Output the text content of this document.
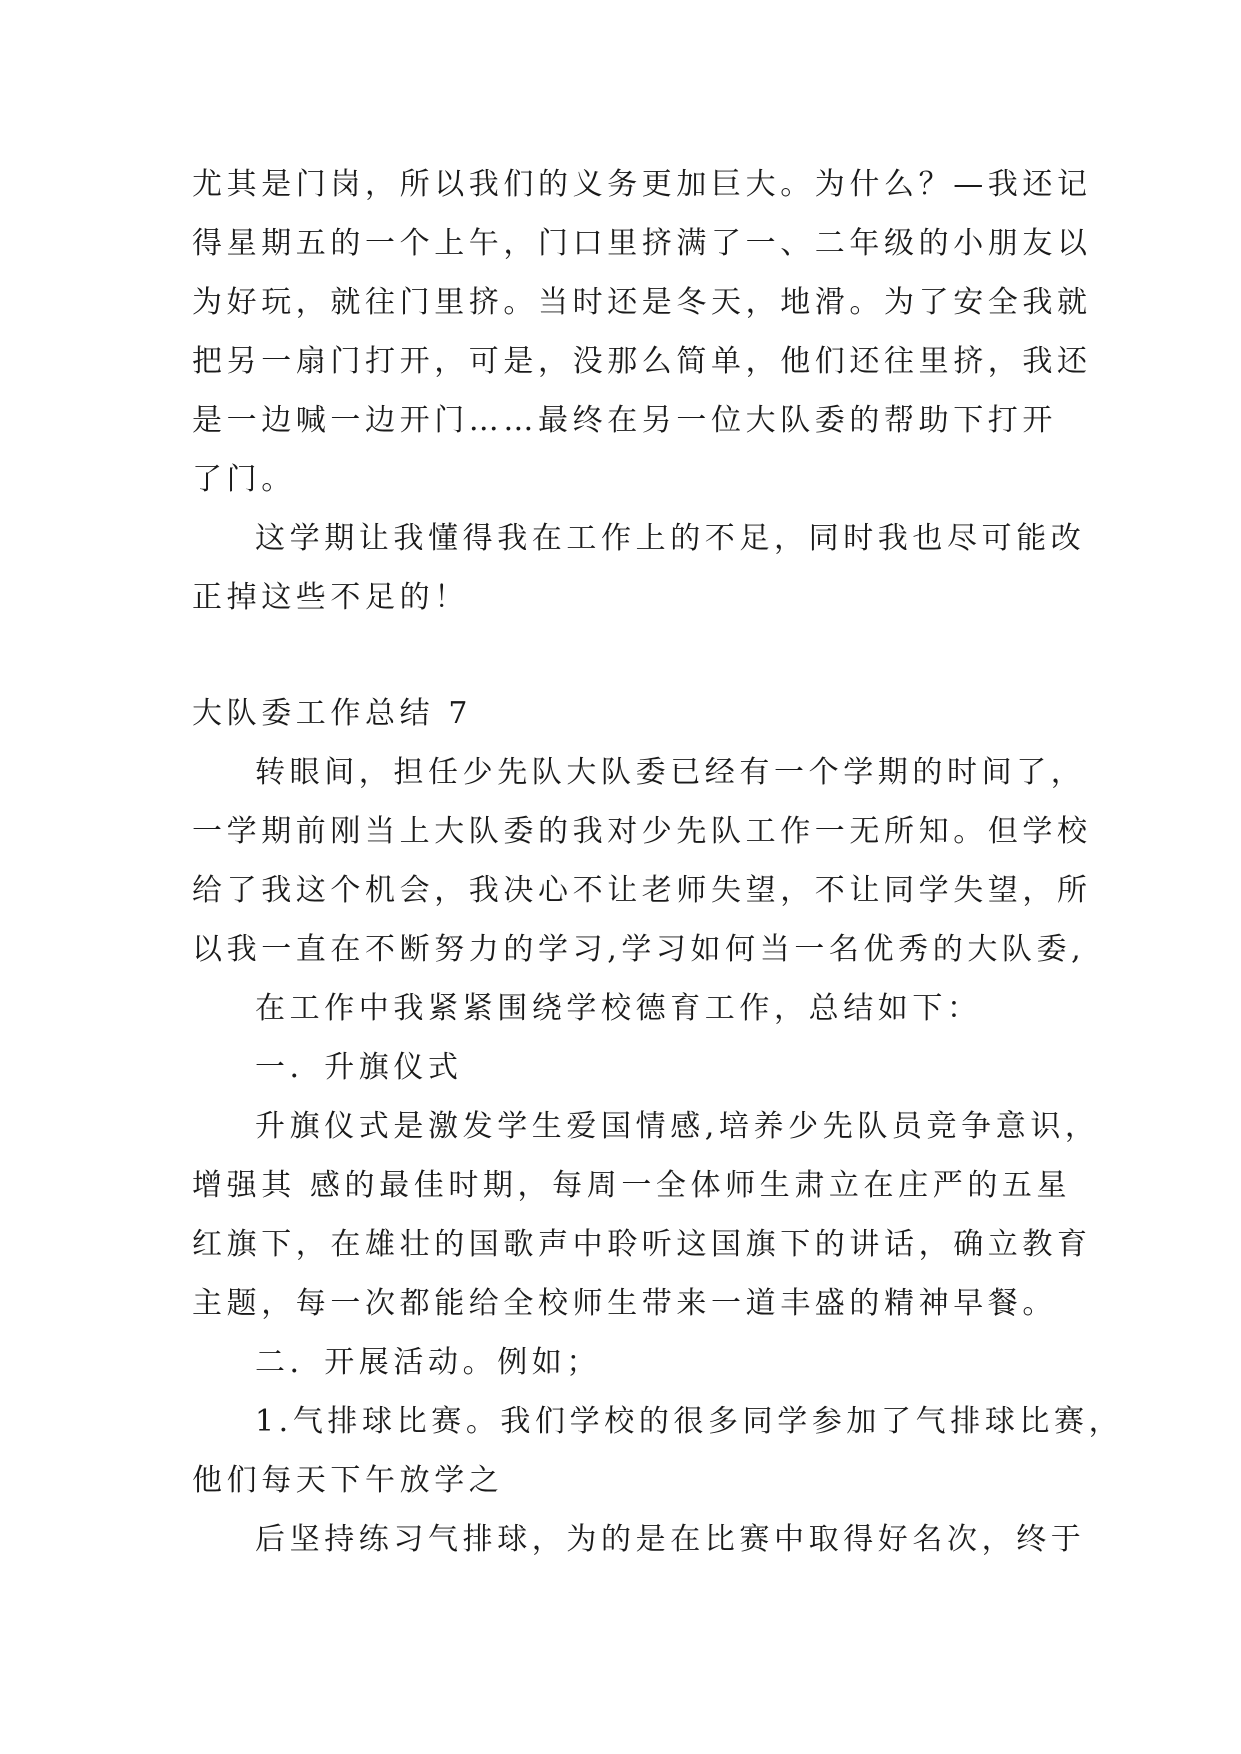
尤其是门岗，所以我们的义务更加巨大。为什么？—我还记
得星期五的一个上午，门口里挤满了一、二年级的小朋友以
为好玩，就往门里挤。当时还是冬天，地滑。为了安全我就
把另一扇门打开，可是，没那么简单，他们还往里挤，我还
是一边喊一边开门……最终在另一位大队委的帮助下打开
了门。
这学期让我懂得我在工作上的不足，同时我也尽可能改
正掉这些不足的！
大队委工作总结 7
转眼间，担任少先队大队委已经有一个学期的时间了，
一学期前刚当上大队委的我对少先队工作一无所知。但学校
给了我这个机会，我决心不让老师失望，不让同学失望，所
以我一直在不断努力的学习,学习如何当一名优秀的大队委,
在工作中我紧紧围绕学校德育工作，总结如下：
一．升旗仪式
升旗仪式是激发学生爱国情感,培养少先队员竞争意识，
增强其 感的最佳时期，每周一全体师生肃立在庄严的五星
红旗下，在雄壮的国歌声中聆听这国旗下的讲话，确立教育
主题，每一次都能给全校师生带来一道丰盛的精神早餐。
二．开展活动。例如；
1.气排球比赛。我们学校的很多同学参加了气排球比赛，
他们每天下午放学之
后坚持练习气排球，为的是在比赛中取得好名次，终于
